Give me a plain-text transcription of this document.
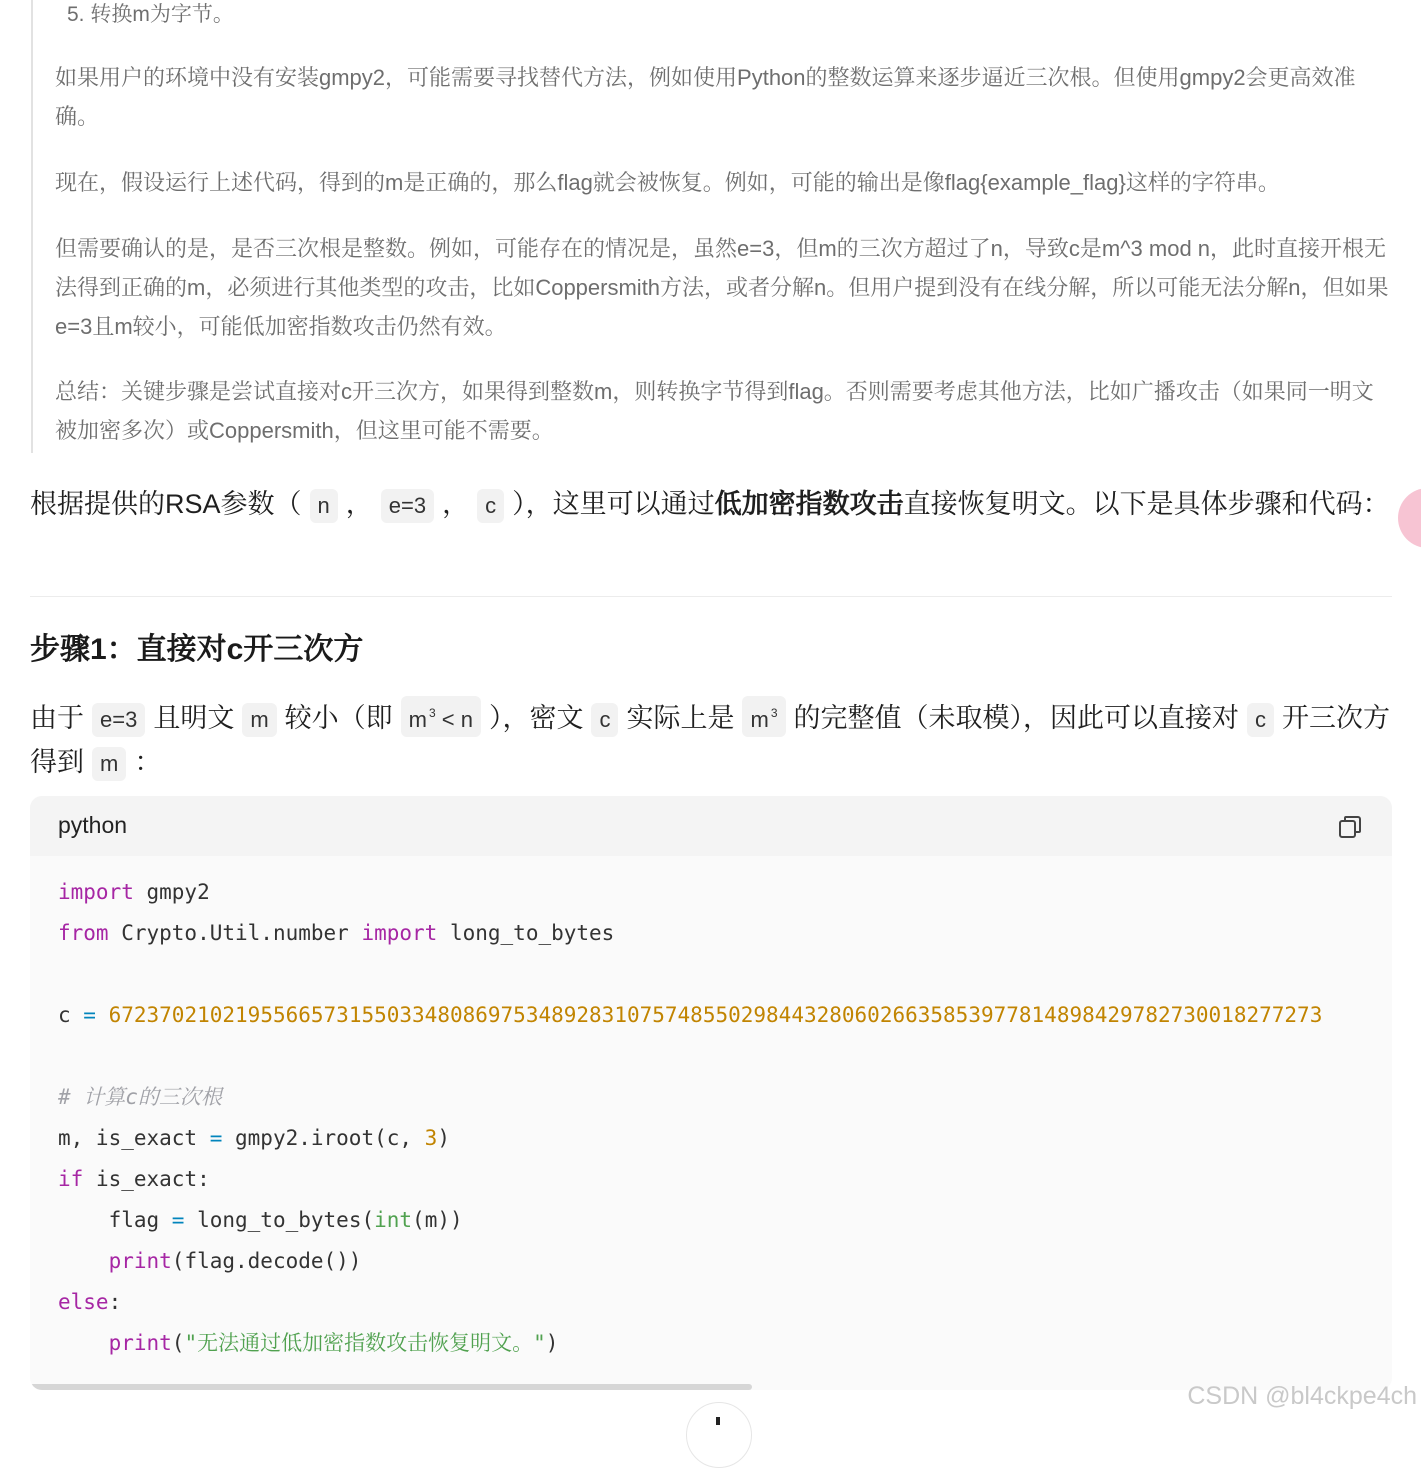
5. 转换m为字节。

如果用户的环境中没有安装gmpy2，可能需要寻找替代方法，例如使用Python的整数运算来逐步逼近三次根。但使用gmpy2会更高效准确。

现在，假设运行上述代码，得到的m是正确的，那么flag就会被恢复。例如，可能的输出是像flag{example_flag}这样的字符串。

但需要确认的是，是否三次根是整数。例如，可能存在的情况是，虽然e=3，但m的三次方超过了n，导致c是m^3 mod n，此时直接开根无法得到正确的m，必须进行其他类型的攻击，比如Coppersmith方法，或者分解n。但用户提到没有在线分解，所以可能无法分解n，但如果e=3且m较小，可能低加密指数攻击仍然有效。

总结：关键步骤是尝试直接对c开三次方，如果得到整数m，则转换字节得到flag。否则需要考虑其他方法，比如广播攻击（如果同一明文被加密多次）或Coppersmith，但这里可能不需要。

根据提供的RSA参数（ n ， e=3 ， c ），这里可以通过低加密指数攻击直接恢复明文。以下是具体步骤和代码：

步骤1：直接对c开三次方

由于 e=3 且明文 m 较小（即 m $^3$ < n ），密文 c 实际上是 m $^3$ 的完整值（未取模），因此可以直接对 c 开三次方得到 m ：

python
import gmpy2
from Crypto.Util.number import long_to_bytes

c = 672370210219556657315503348086975348928310757485502984432806026635853977814898429782730018277273

# 计算c的三次根
m, is_exact = gmpy2.iroot(c, 3)
if is_exact:
flag = long_to_bytes(int(m))
print(flag.decode())
else:
print("无法通过低加密指数攻击恢复明文。")
CSDN @bl4ckpe4ch
